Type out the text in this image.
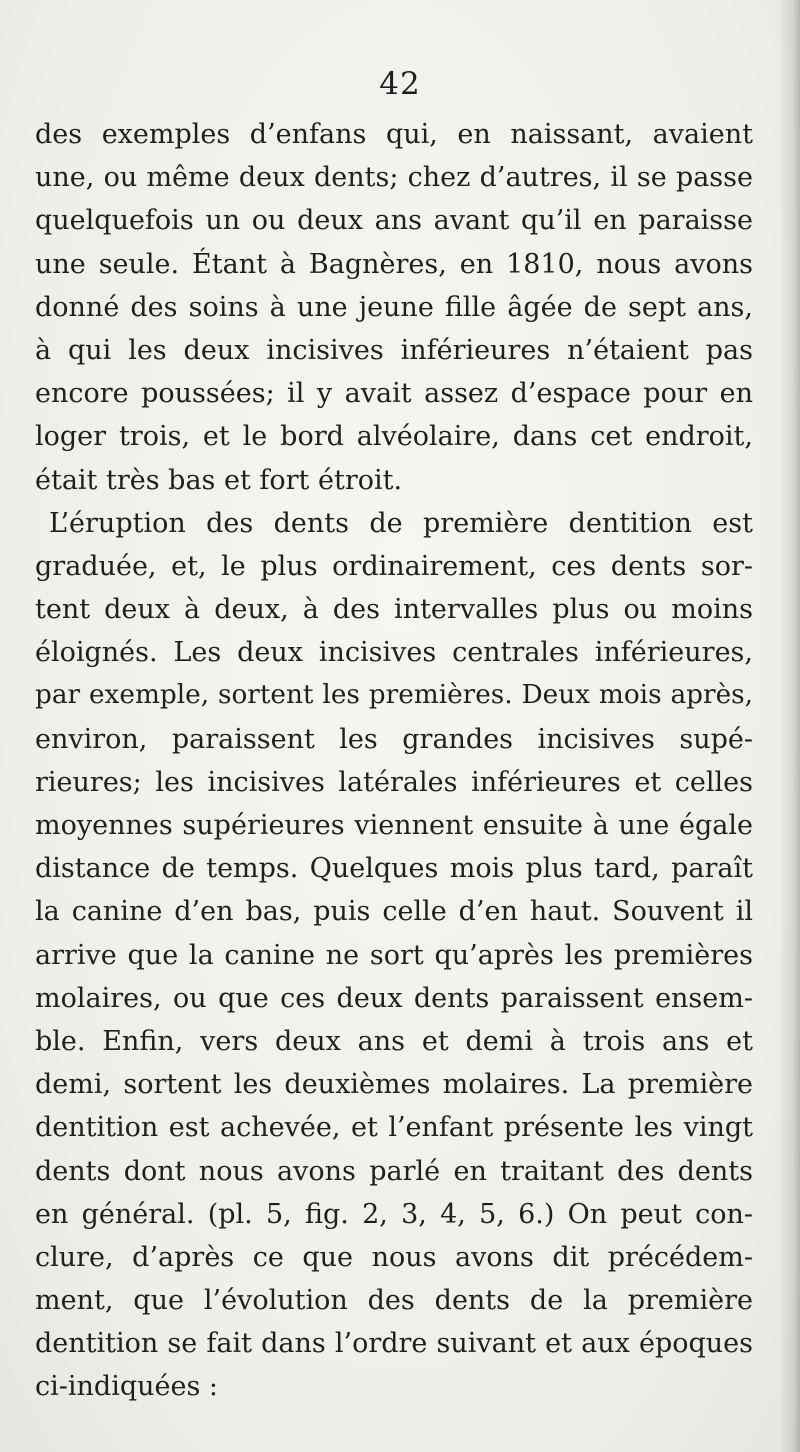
42
des exemples d’enfans qui, en naissant, avaient
une, ou même deux dents; chez d’autres, il se passe
quelquefois un ou deux ans avant qu’il en paraisse
une seule. Étant à Bagnères, en 1810, nous avons
donné des soins à une jeune fille âgée de sept ans,
à qui les deux incisives inférieures n’étaient pas
encore poussées; il y avait assez d’espace pour en
loger trois, et le bord alvéolaire, dans cet endroit,
était très bas et fort étroit.
L’éruption des dents de première dentition est
graduée, et, le plus ordinairement, ces dents sor-
tent deux à deux, à des intervalles plus ou moins
éloignés. Les deux incisives centrales inférieures,
par exemple, sortent les premières. Deux mois après,
environ, paraissent les grandes incisives supé-
rieures; les incisives latérales inférieures et celles
moyennes supérieures viennent ensuite à une égale
distance de temps. Quelques mois plus tard, paraît
la canine d’en bas, puis celle d’en haut. Souvent il
arrive que la canine ne sort qu’après les premières
molaires, ou que ces deux dents paraissent ensem-
ble. Enfin, vers deux ans et demi à trois ans et
demi, sortent les deuxièmes molaires. La première
dentition est achevée, et l’enfant présente les vingt
dents dont nous avons parlé en traitant des dents
en général. (pl. 5, fig. 2, 3, 4, 5, 6.) On peut con-
clure, d’après ce que nous avons dit précédem-
ment, que l’évolution des dents de la première
dentition se fait dans l’ordre suivant et aux époques
ci-indiquées :
